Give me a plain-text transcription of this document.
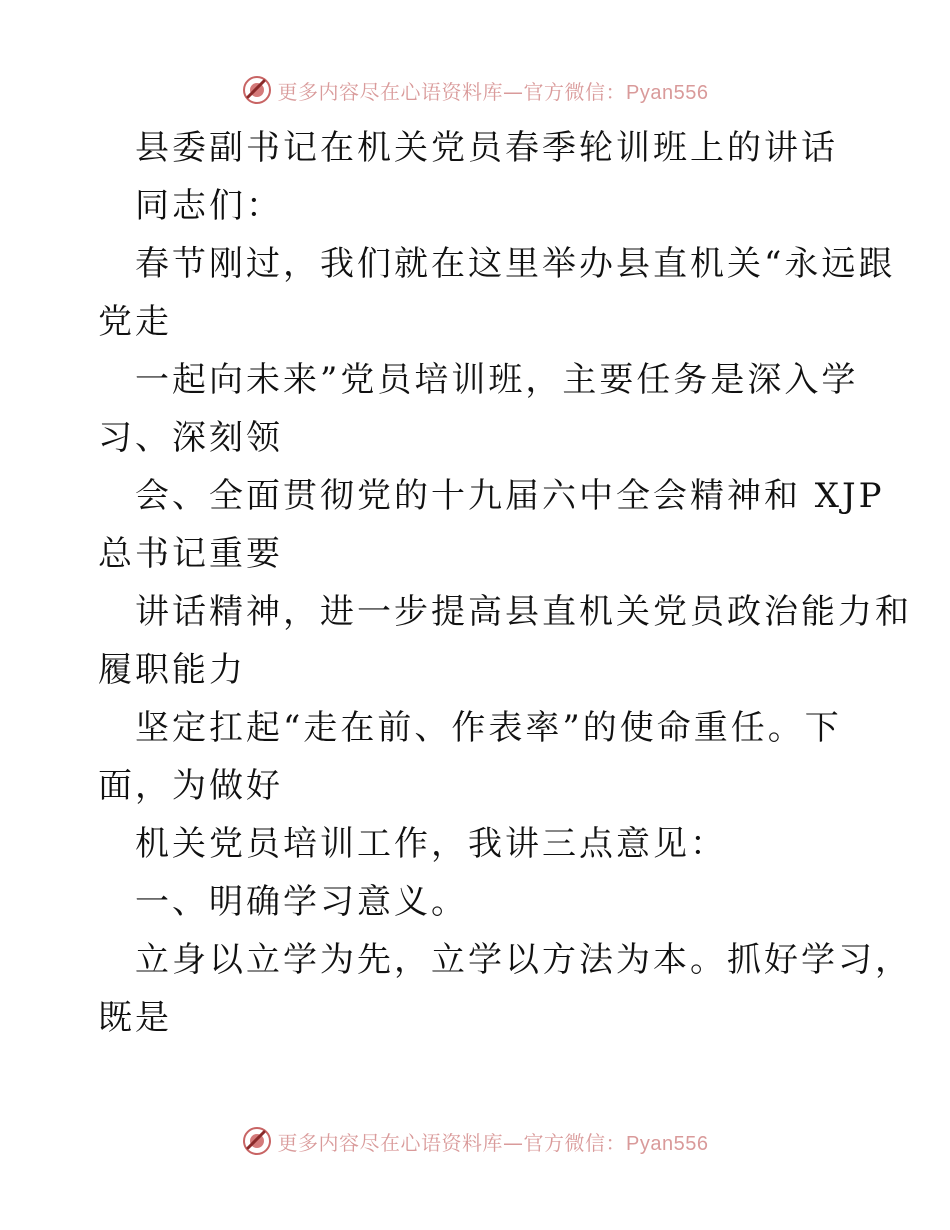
更多内容尽在心语资料库—官方微信：Pyan556
县委副书记在机关党员春季轮训班上的讲话
同志们：
春节刚过，我们就在这里举办县直机关“永远跟
党走
一起向未来”党员培训班，主要任务是深入学
习、深刻领
会、全面贯彻党的十九届六中全会精神和 XJP
总书记重要
讲话精神，进一步提高县直机关党员政治能力和
履职能力
坚定扛起“走在前、作表率”的使命重任。下
面，为做好
机关党员培训工作，我讲三点意见：
一、明确学习意义。
立身以立学为先，立学以方法为本。抓好学习，
既是
更多内容尽在心语资料库—官方微信：Pyan556
